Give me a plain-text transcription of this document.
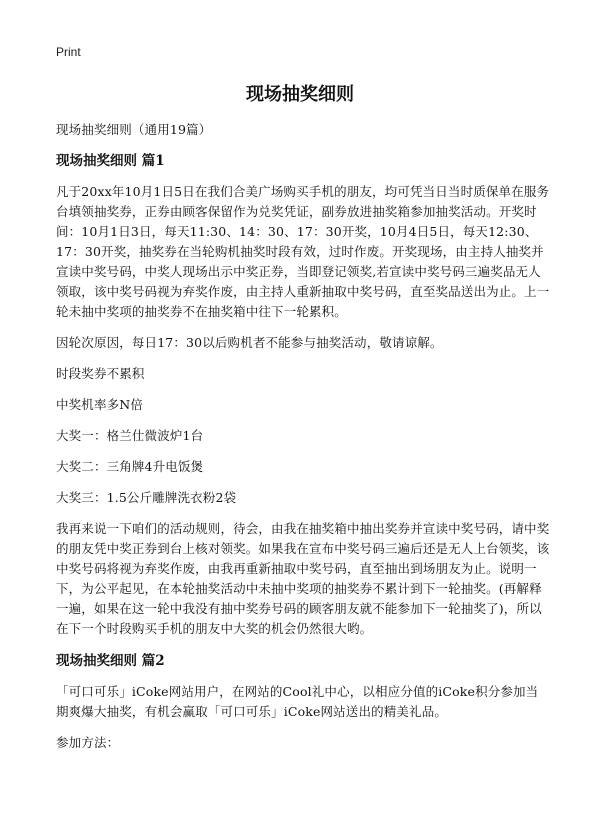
Print
现场抽奖细则

现场抽奖细则（通用19篇）

现场抽奖细则 篇1

凡于20xx年10月1日5日在我们合美广场购买手机的朋友，均可凭当日当时质保单在服务台填领抽奖券，正券由顾客保留作为兑奖凭证，副券放进抽奖箱参加抽奖活动。开奖时间：10月1日3日，每天11:30、14：30、17：30开奖，10月4日5日，每天12:30、17：30开奖，抽奖券在当轮购机抽奖时段有效，过时作废。开奖现场，由主持人抽奖并宣读中奖号码，中奖人现场出示中奖正券，当即登记领奖,若宣读中奖号码三遍奖品无人领取，该中奖号码视为弃奖作废，由主持人重新抽取中奖号码，直至奖品送出为止。上一轮未抽中奖项的抽奖券不在抽奖箱中往下一轮累积。

因轮次原因，每日17：30以后购机者不能参与抽奖活动，敬请谅解。

时段奖券不累积

中奖机率多N倍

大奖一：格兰仕微波炉1台

大奖二：三角牌4升电饭煲

大奖三：1.5公斤雕牌洗衣粉2袋

我再来说一下咱们的活动规则，待会，由我在抽奖箱中抽出奖券并宣读中奖号码，请中奖的朋友凭中奖正券到台上核对领奖。如果我在宣布中奖号码三遍后还是无人上台领奖，该中奖号码将视为弃奖作废，由我再重新抽取中奖号码，直至抽出到场朋友为止。说明一下，为公平起见，在本轮抽奖活动中未抽中奖项的抽奖券不累计到下一轮抽奖。(再解释一遍，如果在这一轮中我没有抽中奖券号码的顾客朋友就不能参加下一轮抽奖了)，所以在下一个时段购买手机的朋友中大奖的机会仍然很大哟。

现场抽奖细则 篇2

「可口可乐」iCoke网站用户，在网站的Cool礼中心，以相应分值的iCoke积分参加当期爽爆大抽奖，有机会赢取「可口可乐」iCoke网站送出的精美礼品。

参加方法：
